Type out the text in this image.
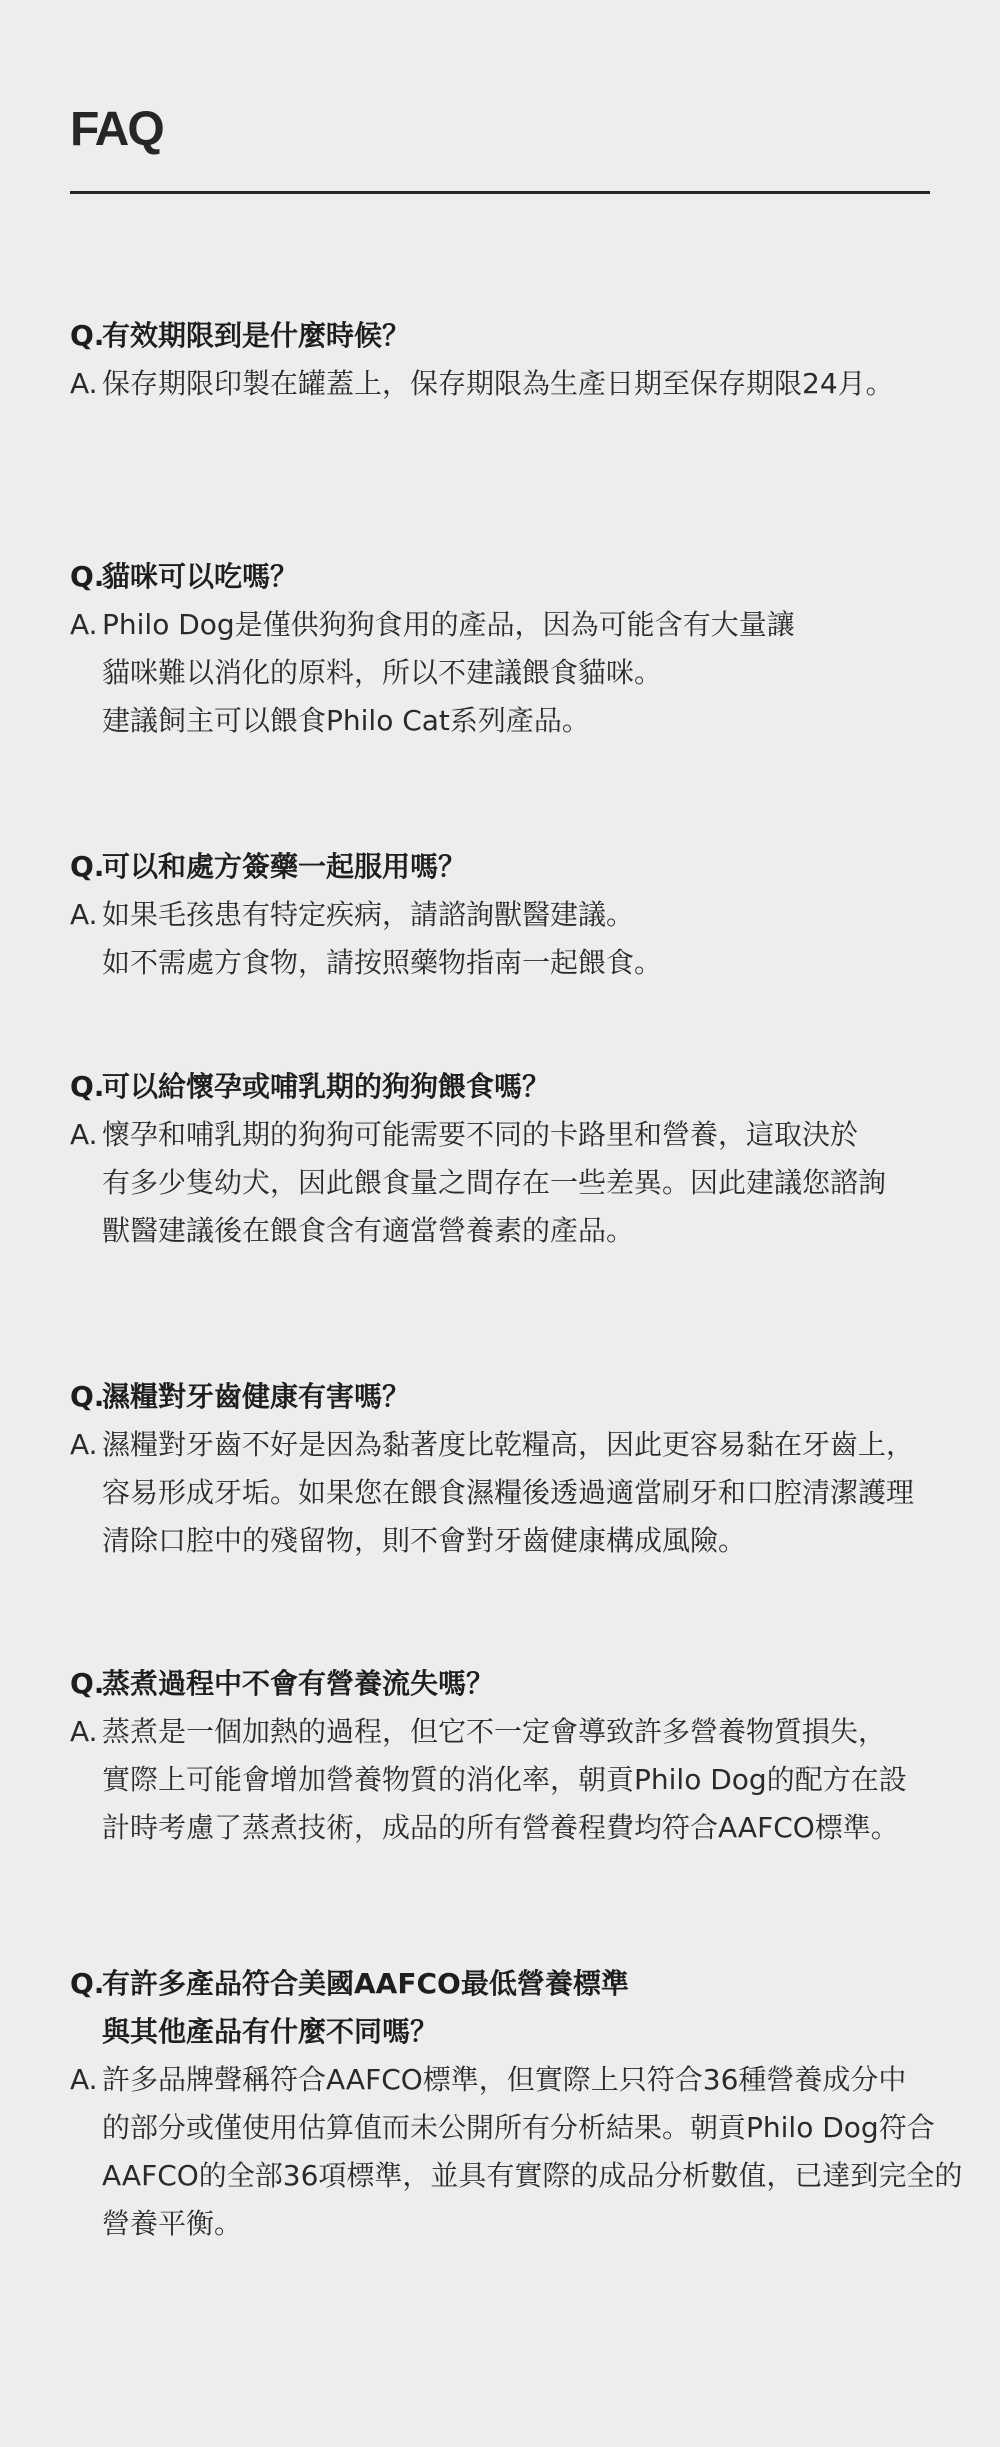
FAQ
Q.
有效期限到是什麼時候？
A. 保存期限印製在罐蓋上，保存期限為生產日期至保存期限24月。
Q.
貓咪可以吃嗎？
A. Philo Dog是僅供狗狗食用的產品，因為可能含有大量讓
貓咪難以消化的原料，所以不建議餵食貓咪。
建議飼主可以餵食Philo Cat系列產品。
Q.
可以和處方簽藥一起服用嗎？
A. 如果毛孩患有特定疾病，請諮詢獸醫建議。
如不需處方食物，請按照藥物指南一起餵食。
Q.
可以給懷孕或哺乳期的狗狗餵食嗎？
A. 懷孕和哺乳期的狗狗可能需要不同的卡路里和營養，這取決於
有多少隻幼犬，因此餵食量之間存在一些差異。因此建議您諮詢
獸醫建議後在餵食含有適當營養素的產品。
Q.
濕糧對牙齒健康有害嗎？
A. 濕糧對牙齒不好是因為黏著度比乾糧高，因此更容易黏在牙齒上，
容易形成牙垢。如果您在餵食濕糧後透過適當刷牙和口腔清潔護理
清除口腔中的殘留物，則不會對牙齒健康構成風險。
Q.
蒸煮過程中不會有營養流失嗎？
A. 蒸煮是一個加熱的過程，但它不一定會導致許多營養物質損失，
實際上可能會增加營養物質的消化率，朝貢Philo Dog的配方在設
計時考慮了蒸煮技術，成品的所有營養程費均符合AAFCO標準。
Q.
有許多產品符合美國AAFCO最低營養標準
與其他產品有什麼不同嗎？
A. 許多品牌聲稱符合AAFCO標準，但實際上只符合36種營養成分中
的部分或僅使用估算值而未公開所有分析結果。朝貢Philo Dog符合
AAFCO的全部36項標準，並具有實際的成品分析數值，已達到完全的
營養平衡。
